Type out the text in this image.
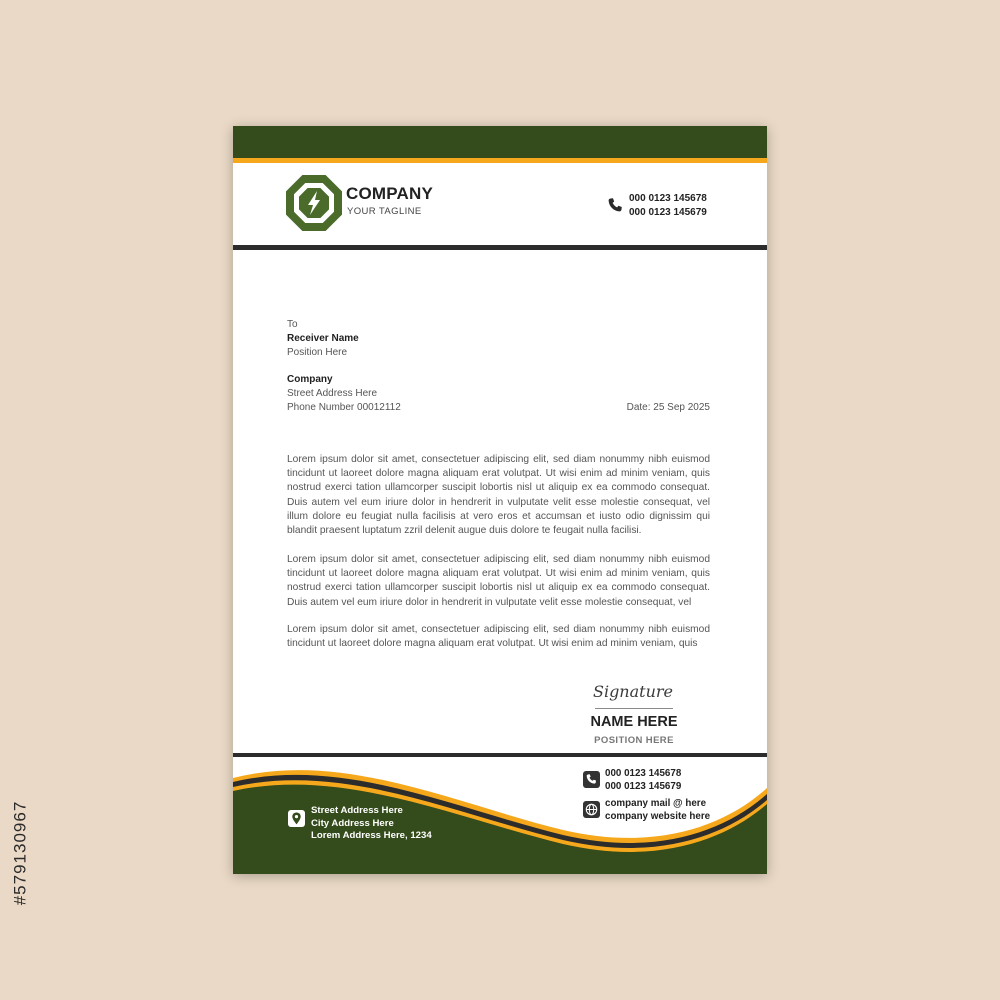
#579130967
COMPANY
YOUR TAGLINE
000 0123 145678
000 0123 145679
To
Receiver Name
Position Here
Company
Street Address Here
Phone Number 00012112	Date: 25 Sep 2025
Lorem ipsum dolor sit amet, consectetuer adipiscing elit, sed diam nonummy nibh euismod tincidunt ut laoreet dolore magna aliquam erat volutpat. Ut wisi enim ad minim veniam, quis nostrud exerci tation ullamcorper suscipit lobortis nisl ut aliquip ex ea commodo consequat. Duis autem vel eum iriure dolor in hendrerit in vulputate velit esse molestie consequat, vel illum dolore eu feugiat nulla facilisis at vero eros et accumsan et iusto odio dignissim qui blandit praesent luptatum zzril delenit augue duis dolore te feugait nulla facilisi.
Lorem ipsum dolor sit amet, consectetuer adipiscing elit, sed diam nonummy nibh euismod tincidunt ut laoreet dolore magna aliquam erat volutpat. Ut wisi enim ad minim veniam, quis nostrud exerci tation ullamcorper suscipit lobortis nisl ut aliquip ex ea commodo consequat. Duis autem vel eum iriure dolor in hendrerit in vulputate velit esse molestie consequat, vel
Lorem ipsum dolor sit amet, consectetuer adipiscing elit, sed diam nonummy nibh euismod tincidunt ut laoreet dolore magna aliquam erat volutpat. Ut wisi enim ad minim veniam, quis
Signature
NAME HERE
POSITION HERE
000 0123 145678
000 0123 145679
company mail @ here
company website here
Street Address Here
City Address Here
Lorem Address Here, 1234
